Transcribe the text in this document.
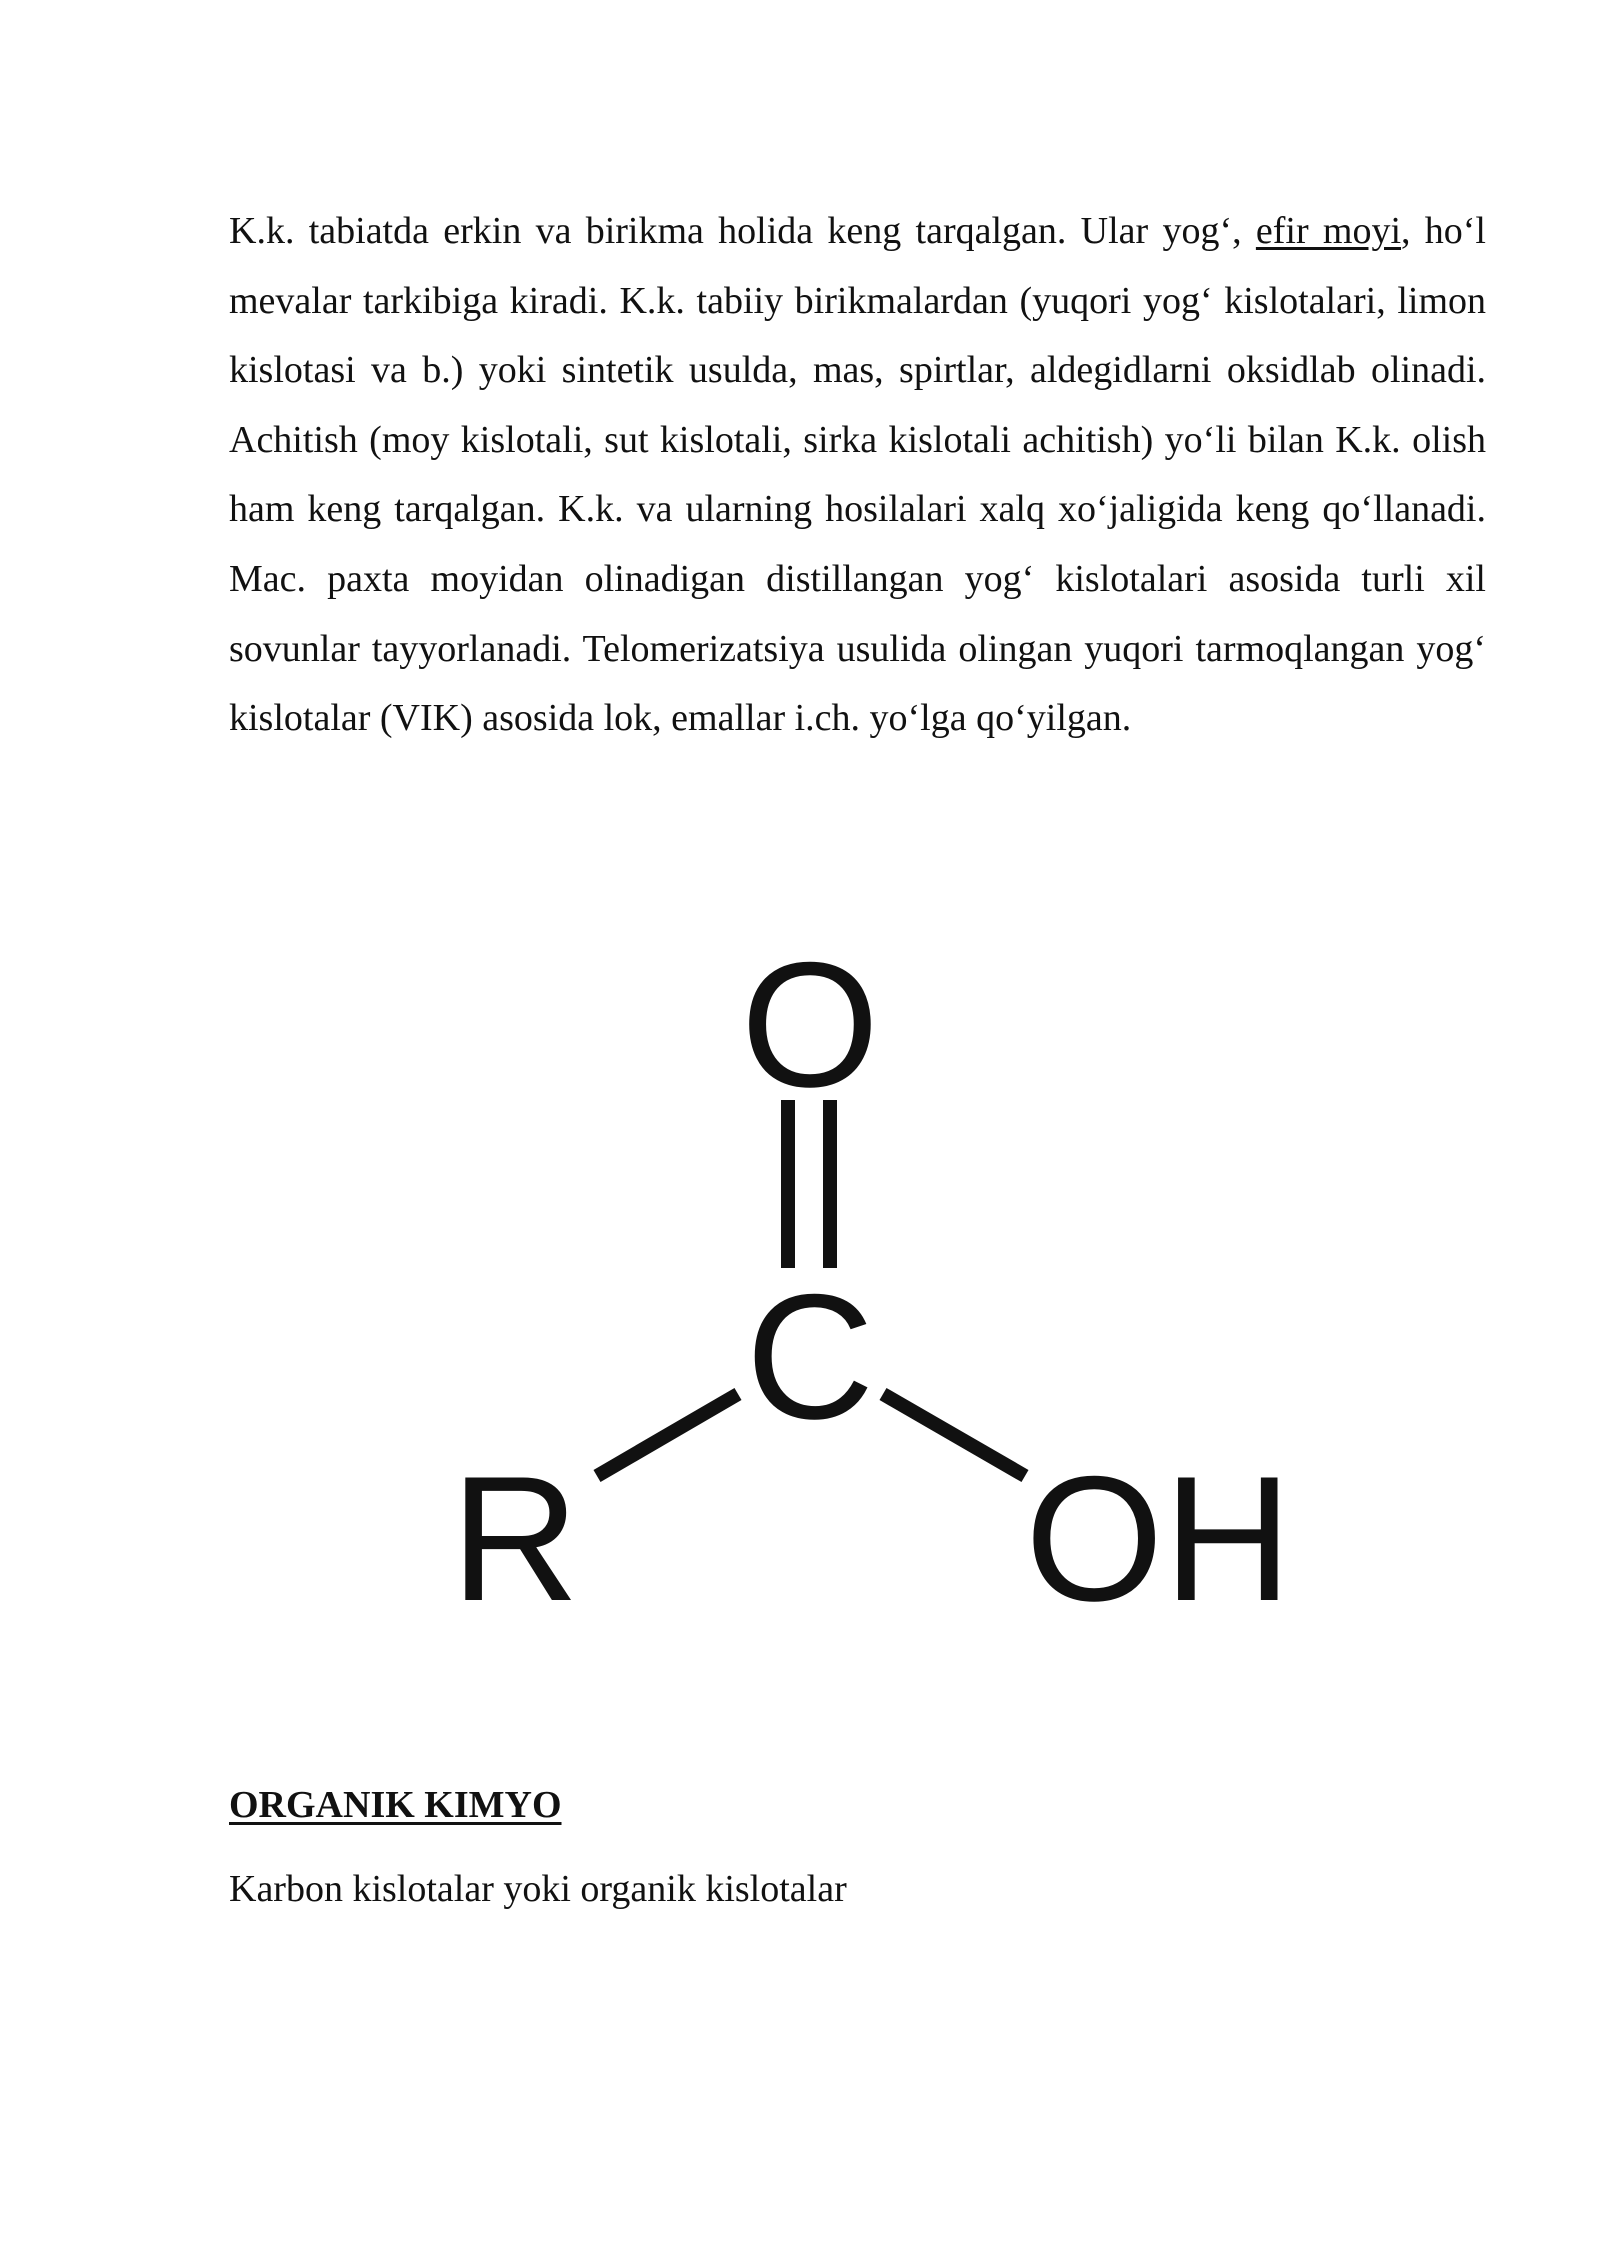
K.k. tabiatda erkin va birikma holida keng tarqalgan. Ular yog‘, efir moyi, ho‘l mevalar tarkibiga kiradi. K.k. tabiiy birikmalardan (yuqori yog‘ kislotalari, limon kislotasi va b.) yoki sintetik usulda, mas, spirtlar, aldegidlarni oksidlab olinadi. Achitish (moy kislotali, sut kislotali, sirka kislotali achitish) yo‘li bilan K.k. olish ham keng tarqalgan. K.k. va ularning hosilalari xalq xo‘jaligida keng qo‘llanadi. Mac. paxta moyidan olinadigan distillangan yog‘ kislotalari asosida turli xil sovunlar tayyorlanadi. Telomerizatsiya usulida olingan yuqori tarmoqlangan yog‘ kislotalar (VIK) asosida lok, emallar i.ch. yo‘lga qo‘yilgan.

O
C
R	OH
ORGANIK KIMYO

Karbon kislotalar yoki organik kislotalar
